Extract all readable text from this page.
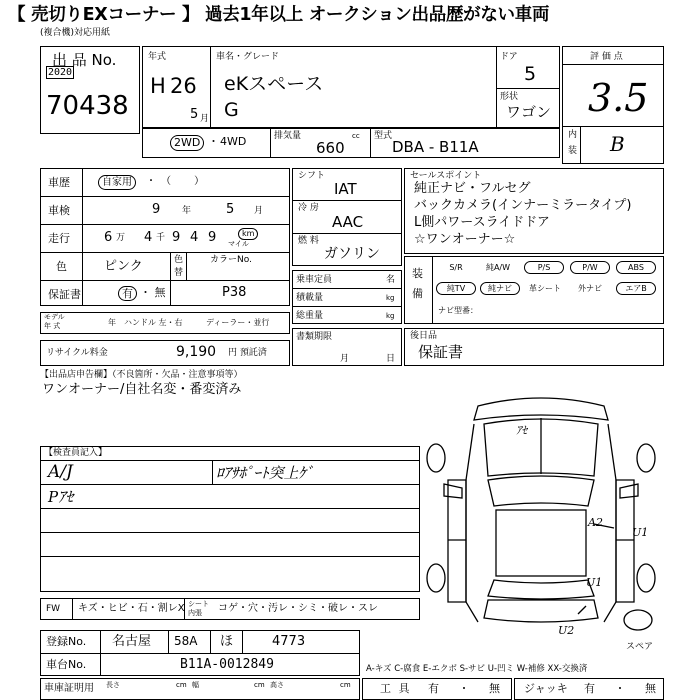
【 売切りEXコーナー 】 過去1年以上 オークション出品歴がない車両
(複合機)対応用紙
出 品 No.
2020
70438
年式
H 26
5 月
車名・グレード
eKスペース
G
ドア
5
形状
ワゴン
評 価 点
3.5
内
装 B
2WD ・ 4WD	排気量	cc
660
型式
DBA - B11A
車歴	自家用	・（ ）
車検	9 年	5 月
走行	6 万 4 千 9 4 9	km
マイル
色	ピンク	色
替
カラーNo.
P38
保証書	有 ・ 無
モデル
年 式	年 ハンドル 左・右	ディーラー・並行
リサイクル料金	9,190 円 預託済
シフト
IAT
冷 房
AAC
燃 料
ガソリン
乗車定員	名
積載量	kg
総重量	kg
書類期限
月	日
セールスポイント
純正ナビ・フルセグ
バックカメラ(インナーミラータイプ)
L側パワースライドドア
☆ワンオーナー☆
装
備
S/R	純A/W	P/S	P/W	ABS
純TV	純ナビ	革シート	外ナビ	エアB
ナビ型番：
後日品
保証書
【出品店申告欄】（不良箇所・欠品・注意事項等）
ワンオーナー/自社名変・番変済み
【検査員記入】
A/J	ﾛｱｻﾎﾟｰﾄ突上ｹﾞ
Pｱｾ
ｱｾ
A2
U1
U1
U2
スペア
FW キズ・ヒビ・石・割レX シート
内張 コゲ・穴・汚レ・シミ・破レ・スレ
登録No. 名古屋 58A ほ	4773
車台No.	B11A-0012849	A-キズ C-腐食 E-エクボ S-サビ U-凹ミ W-補修 XX-交換済
車庫証明用 長さ	cm 幅	cm 高さ	cm	工 具 有 ・ 無 ジャッキ 有 ・ 無
